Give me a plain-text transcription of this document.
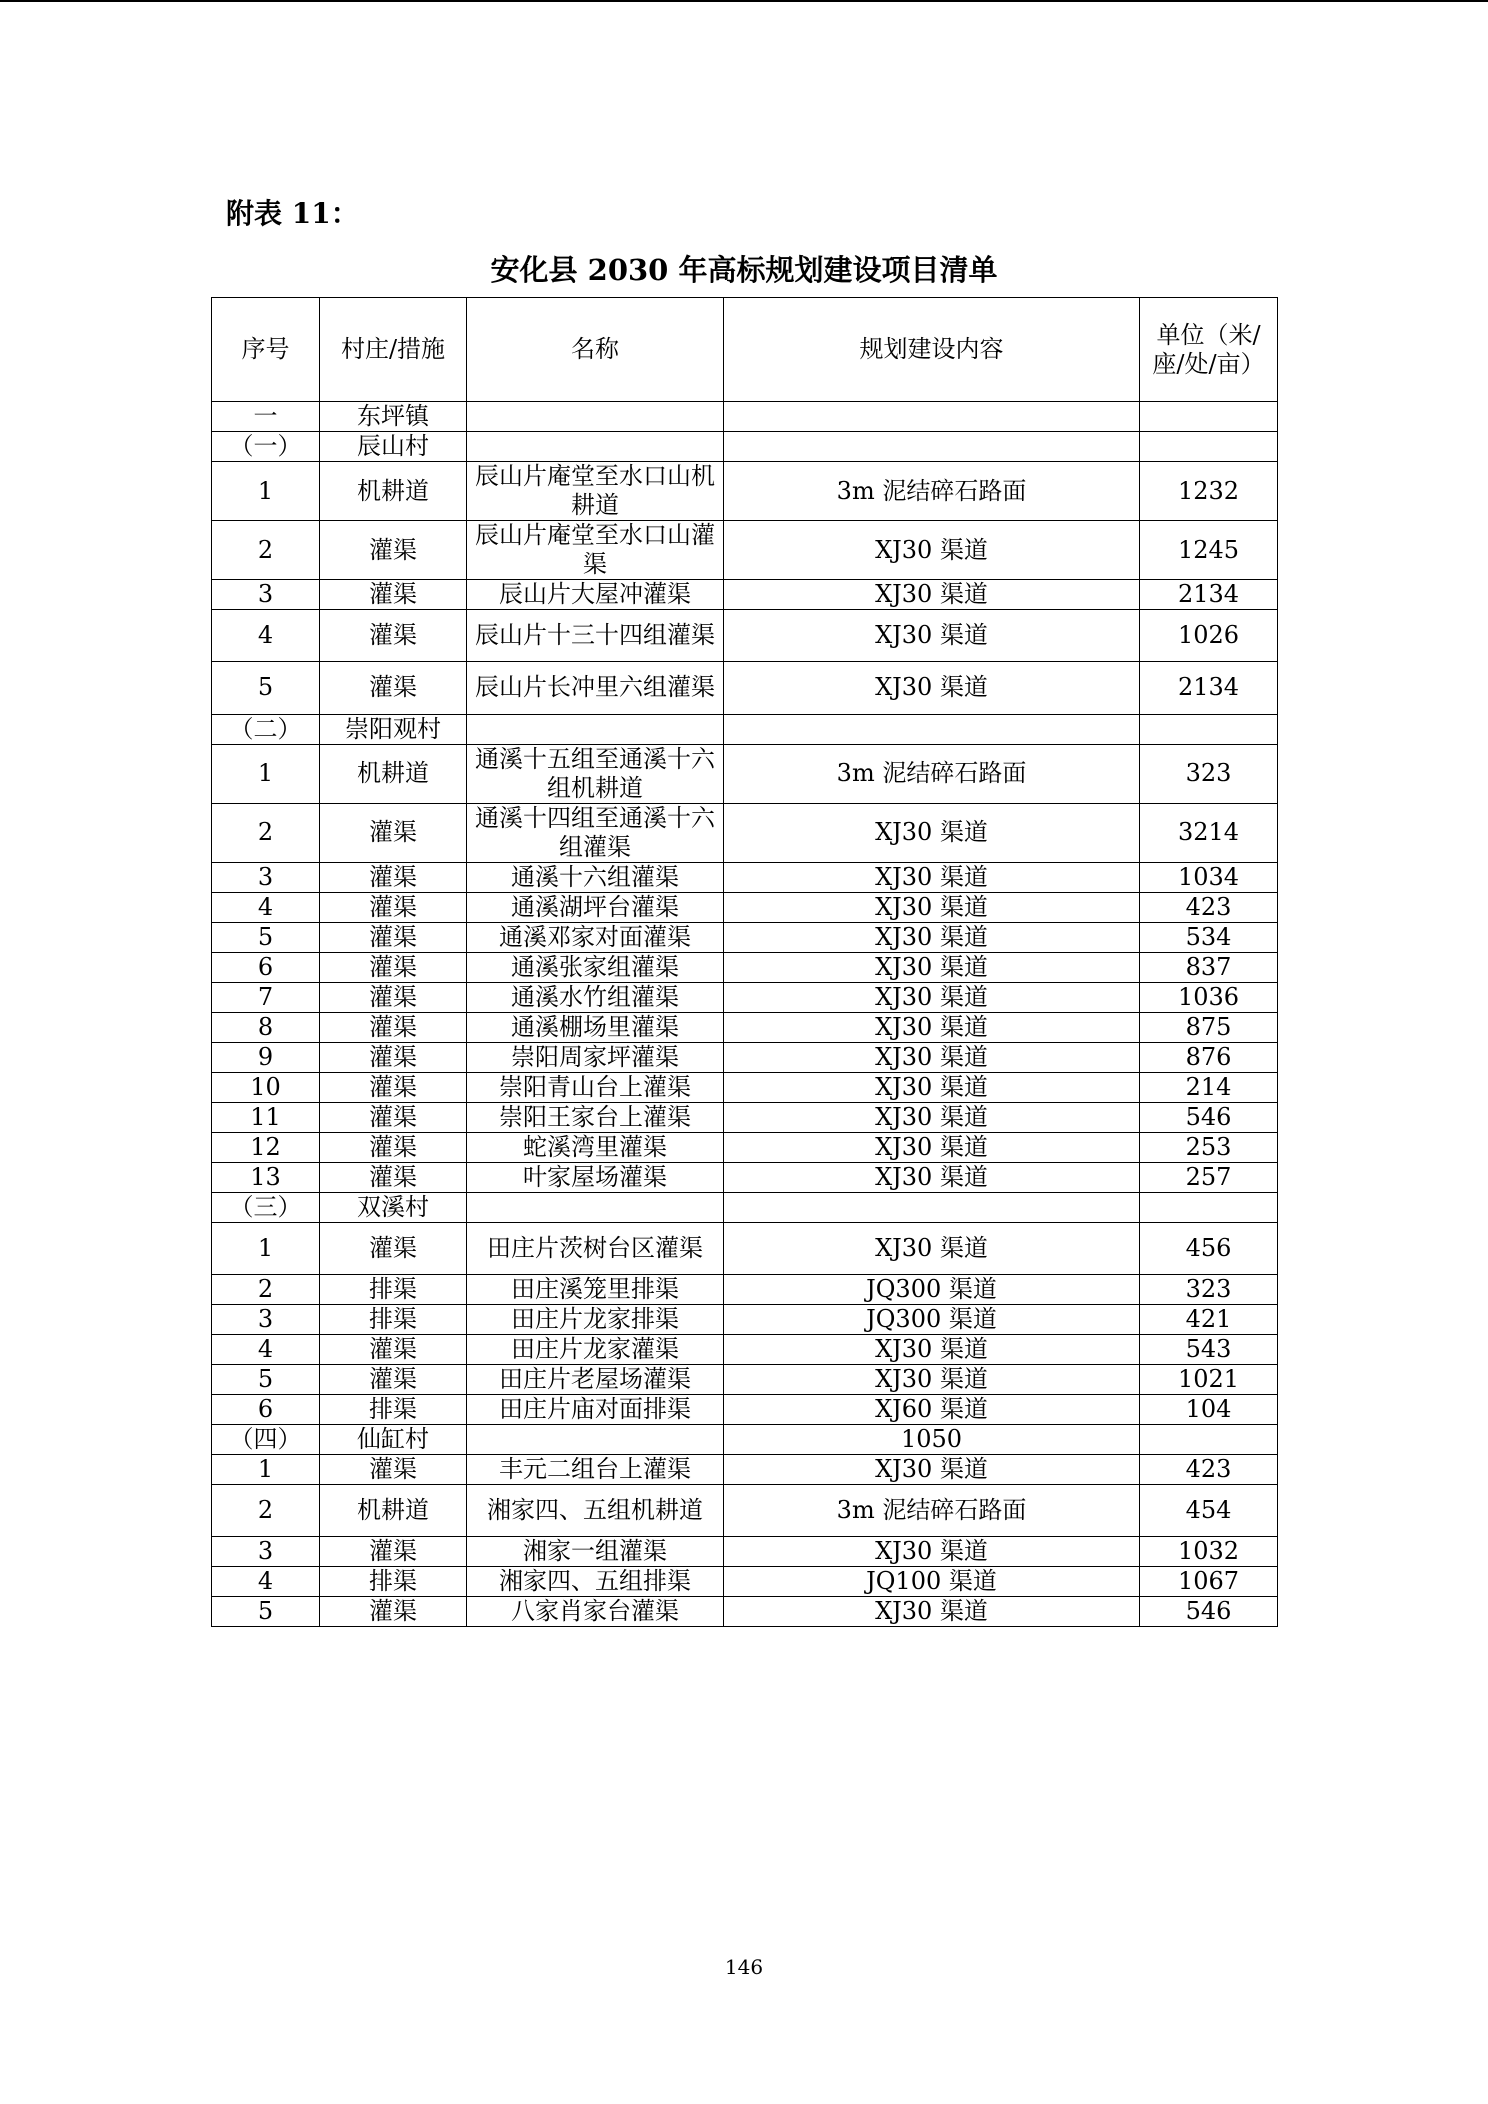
附表 11：
安化县 2030 年高标规划建设项目清单
序号	村庄/措施	名称	规划建设内容	单位（米/座/处/亩）
一	东坪镇			
（一）	辰山村			
1	机耕道	辰山片庵堂至水口山机耕道	3m 泥结碎石路面	1232
2	灌渠	辰山片庵堂至水口山灌渠	XJ30 渠道	1245
3	灌渠	辰山片大屋冲灌渠	XJ30 渠道	2134
4	灌渠	辰山片十三十四组灌渠	XJ30 渠道	1026
5	灌渠	辰山片长冲里六组灌渠	XJ30 渠道	2134
（二）	崇阳观村			
1	机耕道	通溪十五组至通溪十六组机耕道	3m 泥结碎石路面	323
2	灌渠	通溪十四组至通溪十六组灌渠	XJ30 渠道	3214
3	灌渠	通溪十六组灌渠	XJ30 渠道	1034
4	灌渠	通溪湖坪台灌渠	XJ30 渠道	423
5	灌渠	通溪邓家对面灌渠	XJ30 渠道	534
6	灌渠	通溪张家组灌渠	XJ30 渠道	837
7	灌渠	通溪水竹组灌渠	XJ30 渠道	1036
8	灌渠	通溪棚场里灌渠	XJ30 渠道	875
9	灌渠	崇阳周家坪灌渠	XJ30 渠道	876
10	灌渠	崇阳青山台上灌渠	XJ30 渠道	214
11	灌渠	崇阳王家台上灌渠	XJ30 渠道	546
12	灌渠	蛇溪湾里灌渠	XJ30 渠道	253
13	灌渠	叶家屋场灌渠	XJ30 渠道	257
（三）	双溪村			
1	灌渠	田庄片茨树台区灌渠	XJ30 渠道	456
2	排渠	田庄溪笼里排渠	JQ300 渠道	323
3	排渠	田庄片龙家排渠	JQ300 渠道	421
4	灌渠	田庄片龙家灌渠	XJ30 渠道	543
5	灌渠	田庄片老屋场灌渠	XJ30 渠道	1021
6	排渠	田庄片庙对面排渠	XJ60 渠道	104
（四）	仙缸村		1050	
1	灌渠	丰元二组台上灌渠	XJ30 渠道	423
2	机耕道	湘家四、五组机耕道	3m 泥结碎石路面	454
3	灌渠	湘家一组灌渠	XJ30 渠道	1032
4	排渠	湘家四、五组排渠	JQ100 渠道	1067
5	灌渠	八家肖家台灌渠	XJ30 渠道	546
146
